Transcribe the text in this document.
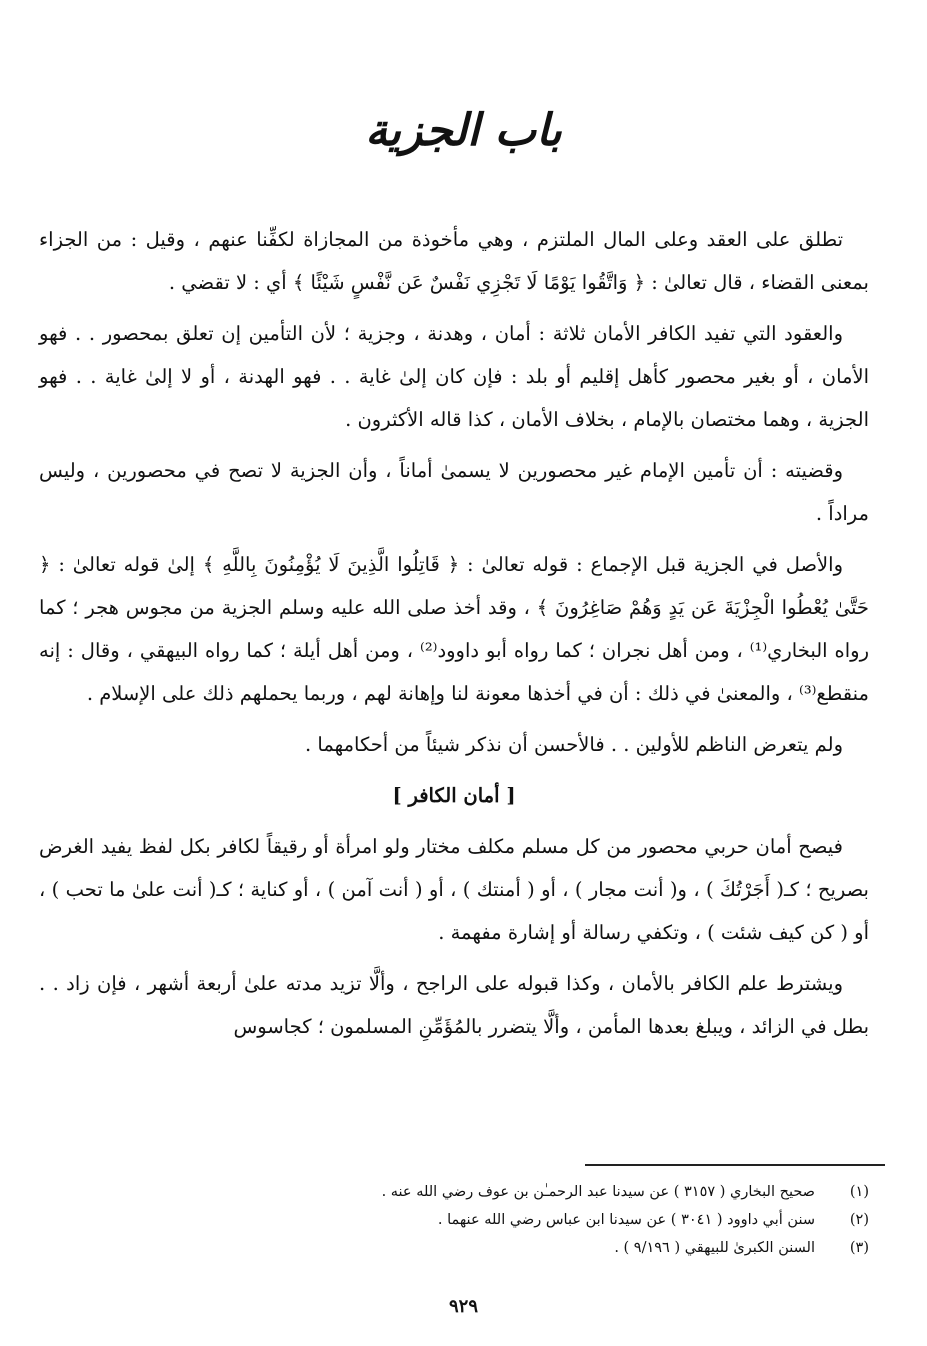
باب الجزية

تطلق على العقد وعلى المال الملتزم ، وهي مأخوذة من المجازاة لكفِّنا عنهم ، وقيل : من الجزاء بمعنى القضاء ، قال تعالىٰ : ﴿ وَاتَّقُوا يَوْمًا لَا تَجْزِي نَفْسٌ عَن نَّفْسٍ شَيْئًا ﴾ أي : لا تقضي .

والعقود التي تفيد الكافر الأمان ثلاثة : أمان ، وهدنة ، وجزية ؛ لأن التأمين إن تعلق بمحصور . . فهو الأمان ، أو بغير محصور كأهل إقليم أو بلد : فإن كان إلىٰ غاية . . فهو الهدنة ، أو لا إلىٰ غاية . . فهو الجزية ، وهما مختصان بالإمام ، بخلاف الأمان ، كذا قاله الأكثرون .

وقضيته : أن تأمين الإمام غير محصورين لا يسمىٰ أماناً ، وأن الجزية لا تصح في محصورين ، وليس مراداً .

والأصل في الجزية قبل الإجماع : قوله تعالىٰ : ﴿ قَاتِلُوا الَّذِينَ لَا يُؤْمِنُونَ بِاللَّهِ ﴾ إلىٰ قوله تعالىٰ : ﴿ حَتَّىٰ يُعْطُوا الْجِزْيَةَ عَن يَدٍ وَهُمْ صَاغِرُونَ ﴾ ، وقد أخذ صلى الله عليه وسلم الجزية من مجوس هجر ؛ كما رواه البخاري⁽¹⁾ ، ومن أهل نجران ؛ كما رواه أبو داوود⁽²⁾ ، ومن أهل أيلة ؛ كما رواه البيهقي ، وقال : إنه منقطع⁽³⁾ ، والمعنىٰ في ذلك : أن في أخذها معونة لنا وإهانة لهم ، وربما يحملهم ذلك على الإسلام .

ولم يتعرض الناظم للأولين . . فالأحسن أن نذكر شيئاً من أحكامهما .

[ أمان الكافر ]

فيصح أمان حربي محصور من كل مسلم مكلف مختار ولو امرأة أو رقيقاً لكافر بكل لفظ يفيد الغرض بصريح ؛ كـ( أَجَرْتُكَ ) ، و( أنت مجار ) ، أو ( أمنتك ) ، أو ( أنت آمن ) ، أو كناية ؛ كـ( أنت علىٰ ما تحب ) ، أو ( كن كيف شئت ) ، وتكفي رسالة أو إشارة مفهمة .

ويشترط علم الكافر بالأمان ، وكذا قبوله على الراجح ، وألَّا تزيد مدته علىٰ أربعة أشهر ، فإن زاد . . بطل في الزائد ، ويبلغ بعدها المأمن ، وألَّا يتضرر بالمُؤَمِّنِ المسلمون ؛ كجاسوس

(١)
صحيح البخاري ( ٣١٥٧ ) عن سيدنا عبد الرحمـٰن بن عوف رضي الله عنه .
(٢)
سنن أبي داوود ( ٣٠٤١ ) عن سيدنا ابن عباس رضي الله عنهما .
(٣)
السنن الكبرىٰ للبيهقي ( ٩/١٩٦ ) .
٩٢٩
